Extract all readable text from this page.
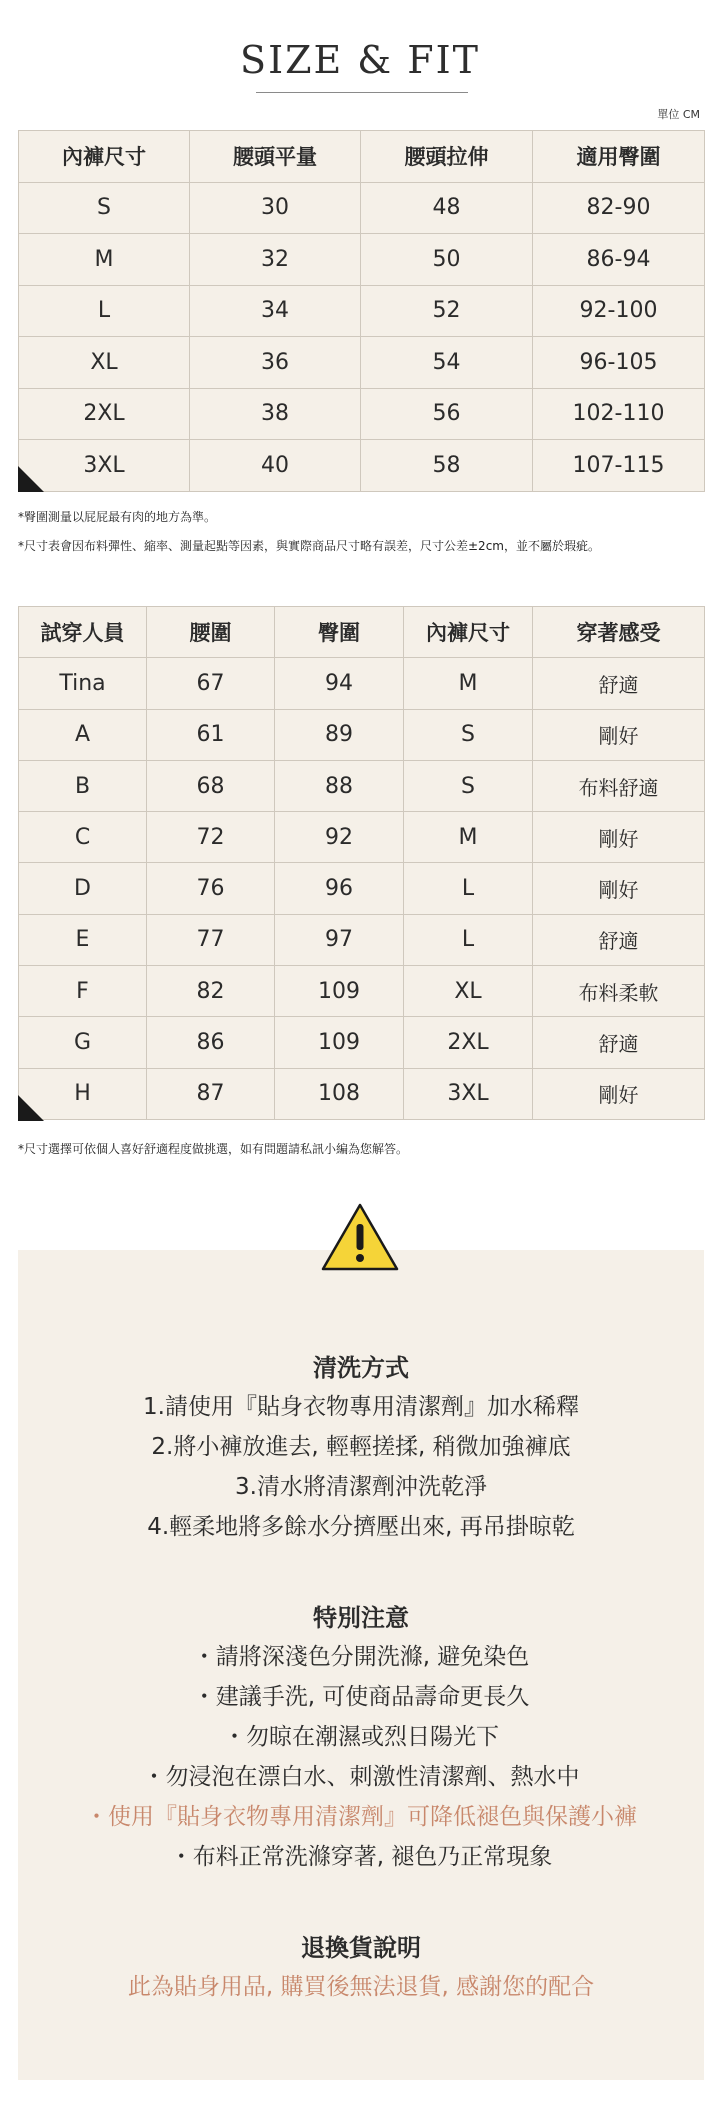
SIZE & FIT
單位 CM
內褲尺寸	腰頭平量	腰頭拉伸	適用臀圍
S	30	48	82-90
M	32	50	86-94
L	34	52	92-100
XL	36	54	96-105
2XL	38	56	102-110
3XL	40	58	107-115
*臀圍測量以屁屁最有肉的地方為準。
*尺寸表會因布料彈性、縮率、測量起點等因素，與實際商品尺寸略有誤差，尺寸公差±2cm，並不屬於瑕疵。
試穿人員	腰圍	臀圍	內褲尺寸	穿著感受
Tina	67	94	M	舒適
A	61	89	S	剛好
B	68	88	S	布料舒適
C	72	92	M	剛好
D	76	96	L	剛好
E	77	97	L	舒適
F	82	109	XL	布料柔軟
G	86	109	2XL	舒適
H	87	108	3XL	剛好
*尺寸選擇可依個人喜好舒適程度做挑選，如有問題請私訊小編為您解答。
清洗方式
1.請使用『貼身衣物專用清潔劑』加水稀釋
2.將小褲放進去, 輕輕搓揉, 稍微加強褲底
3.清水將清潔劑沖洗乾淨
4.輕柔地將多餘水分擠壓出來, 再吊掛晾乾
特別注意
・請將深淺色分開洗滌, 避免染色
・建議手洗, 可使商品壽命更長久
・勿晾在潮濕或烈日陽光下
・勿浸泡在漂白水、刺激性清潔劑、熱水中
・使用『貼身衣物專用清潔劑』可降低褪色與保護小褲
・布料正常洗滌穿著, 褪色乃正常現象
退換貨說明
此為貼身用品, 購買後無法退貨, 感謝您的配合
